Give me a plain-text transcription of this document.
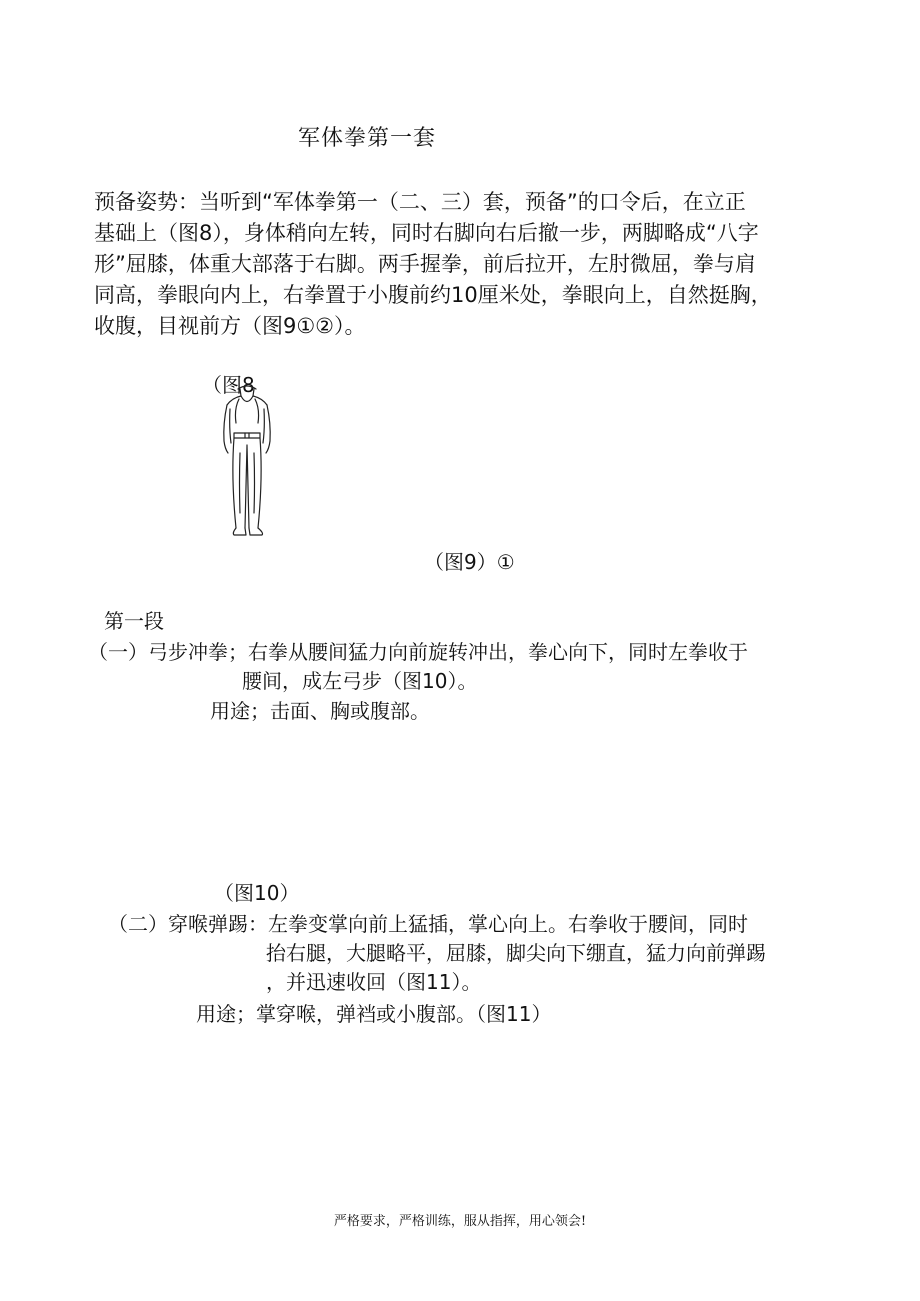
军体拳第一套
预备姿势：当听到“军体拳第一（二、三）套，预备”的口令后，在立正
基础上（图8），身体稍向左转，同时右脚向右后撤一步，两脚略成“八字
形”屈膝，体重大部落于右脚。两手握拳，前后拉开，左肘微屈，拳与肩
同高，拳眼向内上，右拳置于小腹前约10厘米处，拳眼向上，自然挺胸，
收腹，目视前方（图9①②）。
（图8
（图9）①
第一段
（一）弓步冲拳；右拳从腰间猛力向前旋转冲出，拳心向下，同时左拳收于
腰间，成左弓步（图10）。
用途；击面、胸或腹部。
（图10）
（二）穿喉弹踢：左拳变掌向前上猛插，掌心向上。右拳收于腰间，同时
抬右腿，大腿略平，屈膝，脚尖向下绷直，猛力向前弹踢
，并迅速收回（图11）。
用途；掌穿喉，弹裆或小腹部。（图11）
严格要求，严格训练，服从指挥，用心领会!
